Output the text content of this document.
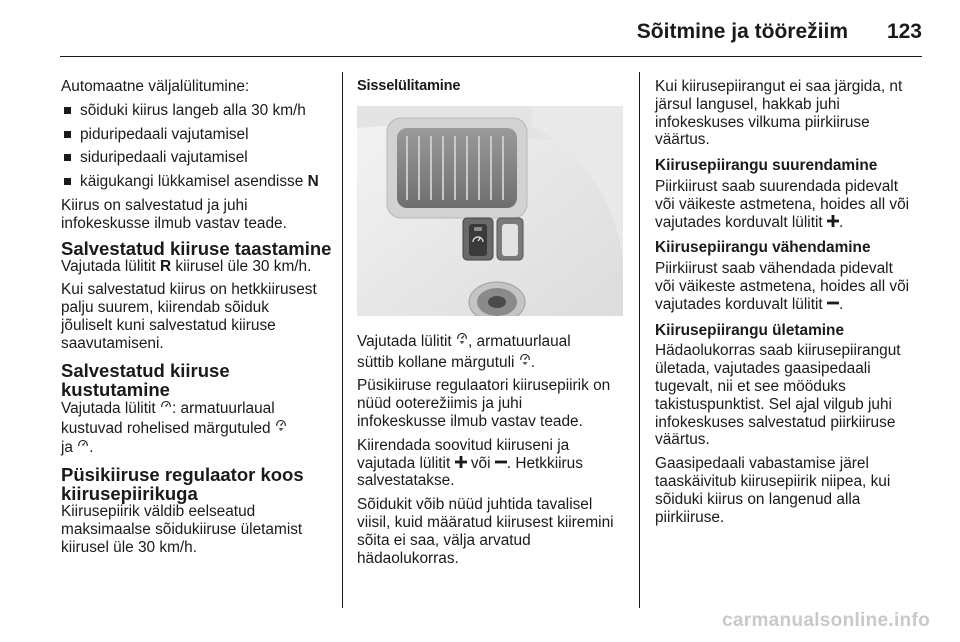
Sõitmine ja töörežiim 123

Automaatne väljalülitumine:

sõiduki kiirus langeb alla 30 km/h
piduripedaali vajutamisel
siduripedaali vajutamisel
käigukangi lükkamisel asendisse N

Kiirus on salvestatud ja juhi
infokeskusse ilmub vastav teade.

Salvestatud kiiruse taastamine

Vajutada lülitit R kiirusel üle 30 km/h.

Kui salvestatud kiirus on hetkkiirusest
palju suurem, kiirendab sõiduk
jõuliselt kuni salvestatud kiiruse
saavutamiseni.

Salvestatud kiiruse kustutamine

Vajutada lülitit : armatuurlaual
kustuvad rohelised märgutuled
ja .

Püsikiiruse regulaator koos
kiirusepiirikuga

Kiirusepiirik väldib eelseatud
maksimaalse sõidukiiruse ületamist
kiirusel üle 30 km/h.

Sisselülitamine

Vajutada lülitit , armatuurlaual
süttib kollane märgutuli .

Püsikiiruse regulaatori kiirusepiirik on
nüüd ooterežiimis ja juhi
infokeskusse ilmub vastav teade.

Kiirendada soovitud kiiruseni ja
vajutada lülitit või . Hetkkiirus
salvestatakse.

Sõidukit võib nüüd juhtida tavalisel
viisil, kuid määratud kiirusest kiiremini
sõita ei saa, välja arvatud
hädaolukorras.

Kui kiirusepiirangut ei saa järgida, nt
järsul langusel, hakkab juhi
infokeskuses vilkuma piirkiiruse
väärtus.

Kiirusepiirangu suurendamine

Piirkiirust saab suurendada pidevalt
või väikeste astmetena, hoides all või
vajutades korduvalt lülitit .

Kiirusepiirangu vähendamine

Piirkiirust saab vähendada pidevalt
või väikeste astmetena, hoides all või
vajutades korduvalt lülitit .

Kiirusepiirangu ületamine

Hädaolukorras saab kiirusepiirangut
ületada, vajutades gaasipedaali
tugevalt, nii et see mööduks
takistuspunktist. Sel ajal vilgub juhi
infokeskuses salvestatud piirkiiruse
väärtus.

Gaasipedaali vabastamise järel
taaskäivitub kiirusepiirik niipea, kui
sõiduki kiirus on langenud alla
piirkiiruse.

carmanualsonline.info
